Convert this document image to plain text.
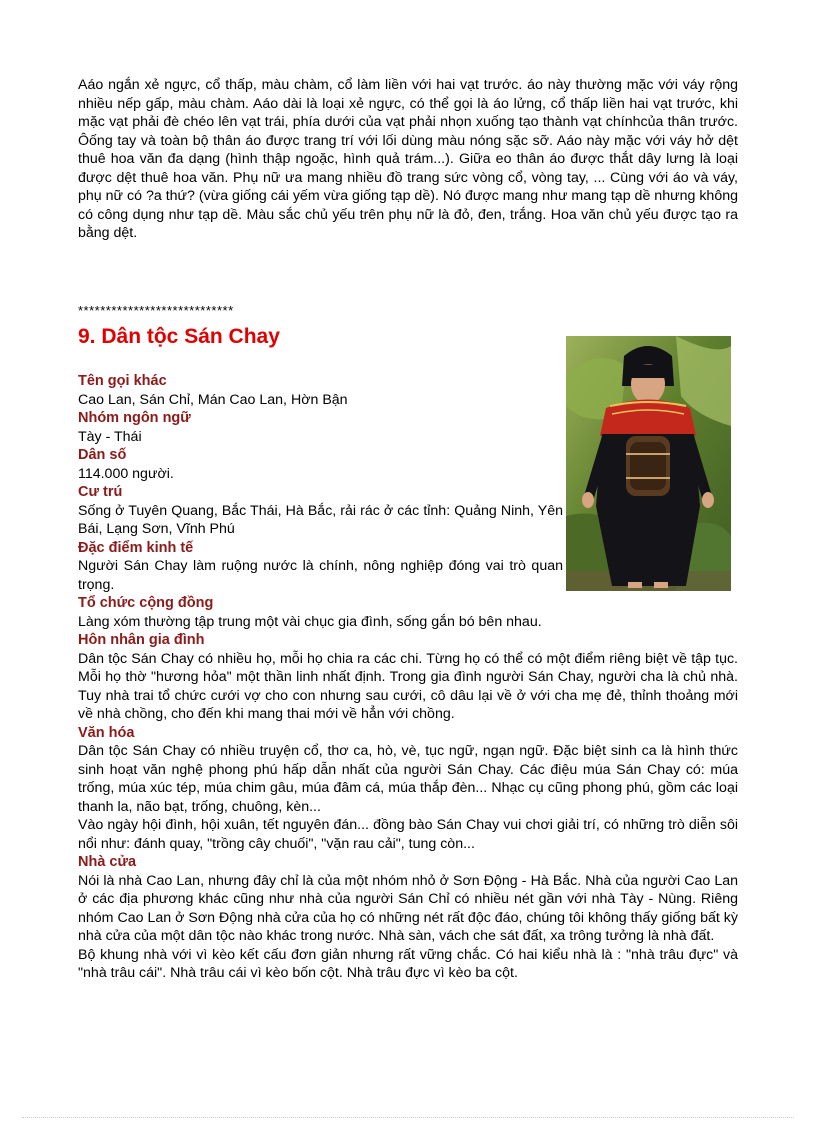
Aáo ngắn xẻ ngực, cổ thấp, màu chàm, cổ làm liền với hai vạt trước. áo này thường mặc với váy rộng nhiều nếp gấp, màu chàm. Aáo dài là loại xẻ ngực, có thể gọi là áo lửng, cổ thấp liền hai vạt trước, khi mặc vạt phải đè chéo lên vạt trái, phía dưới của vạt phải nhọn xuống tạo thành vạt chínhcủa thân trước. Ôống tay và toàn bộ thân áo được trang trí với lối dùng màu nóng sặc sỡ. Aáo này mặc với váy hở dệt thuê hoa văn đa dạng (hình thập ngoặc, hình quả trám...). Giữa eo thân áo được thắt dây lưng là loại được dệt thuê hoa văn. Phụ nữ ưa mang nhiều đồ trang sức vòng cổ, vòng tay, ... Cùng với áo và váy, phụ nữ có ?a thứ? (vừa giống cái yếm vừa giống tạp dề). Nó được mang như mang tạp dề nhưng không có công dụng như tạp dề. Màu sắc chủ yếu trên phụ nữ là đỏ, đen, trắng. Hoa văn chủ yếu được tạo ra bằng dệt.
****************************
9. Dân tộc Sán Chay
Tên gọi khác
Cao Lan, Sán Chỉ, Mán Cao Lan, Hờn Bận
Nhóm ngôn ngữ
Tày - Thái
Dân số
114.000 người.
Cư trú
Sống ở Tuyên Quang, Bắc Thái, Hà Bắc, rải rác ở các tỉnh: Quảng Ninh, Yên Bái, Lạng Sơn, Vĩnh Phú
Đặc điểm kinh tế
Người Sán Chay làm ruộng nước là chính, nông nghiệp đóng vai trò quan trọng.
Tổ chức cộng đồng
Làng xóm thường tập trung một vài chục gia đình, sống gắn bó bên nhau.
Hôn nhân gia đình
Dân tộc Sán Chay có nhiều họ, mỗi họ chia ra các chi. Từng họ có thể có một điểm riêng biệt về tập tục. Mỗi họ thờ "hương hỏa" một thần linh nhất định. Trong gia đình người Sán Chay, người cha là chủ nhà. Tuy nhà trai tổ chức cưới vợ cho con nhưng sau cưới, cô dâu lại về ở với cha mẹ đẻ, thỉnh thoảng mới về nhà chồng, cho đến khi mang thai mới về hẳn với chồng.
Văn hóa
Dân tộc Sán Chay có nhiều truyện cổ, thơ ca, hò, vè, tục ngữ, ngạn ngữ. Đặc biệt sinh ca là hình thức sinh hoạt văn nghệ phong phú hấp dẫn nhất của người Sán Chay. Các điệu múa Sán Chay có: múa trống, múa xúc tép, múa chim gâu, múa đâm cá, múa thắp đèn... Nhạc cụ cũng phong phú, gồm các loại thanh la, não bạt, trống, chuông, kèn...
Vào ngày hội đình, hội xuân, tết nguyên đán... đồng bào Sán Chay vui chơi giải trí, có những trò diễn sôi nổi như: đánh quay, "trồng cây chuối", "vặn rau cải", tung còn...
Nhà cửa
Nói là nhà Cao Lan, nhưng đây chỉ là của một nhóm nhỏ ở Sơn Động - Hà Bắc. Nhà của người Cao Lan ở các địa phương khác cũng như nhà của người Sán Chỉ có nhiều nét gần với nhà Tày - Nùng. Riêng nhóm Cao Lan ở Sơn Động nhà cửa của họ có những nét rất độc đáo, chúng tôi không thấy giống bất kỳ nhà cửa của một dân tộc nào khác trong nước. Nhà sàn, vách che sát đất, xa trông tưởng là nhà đất.
Bộ khung nhà với vì kèo kết cấu đơn giản nhưng rất vững chắc. Có hai kiểu nhà là : "nhà trâu đực" và "nhà trâu cái". Nhà trâu cái vì kèo bốn cột. Nhà trâu đực vì kèo ba cột.
